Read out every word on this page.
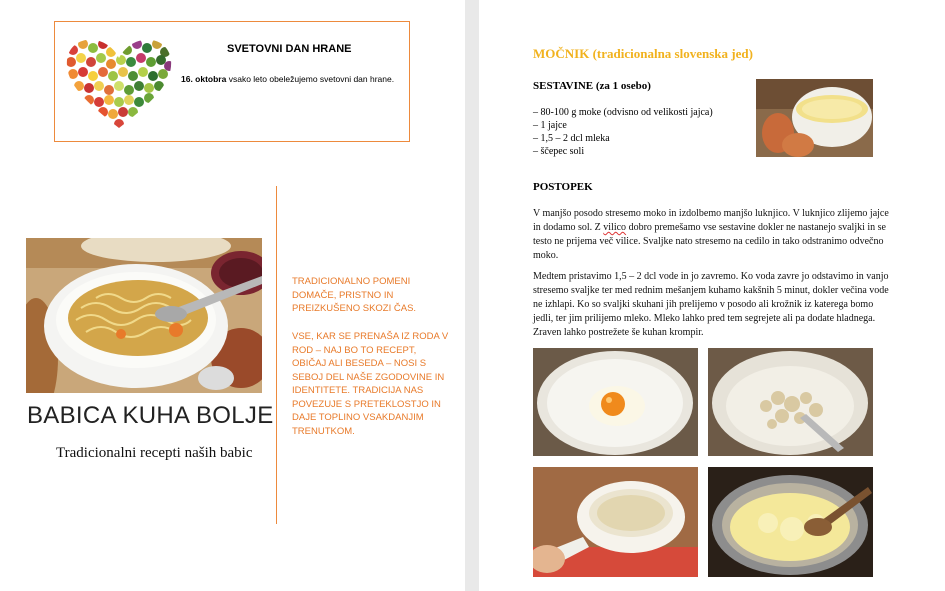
SVETOVNI DAN HRANE
16. oktobra vsako leto obeležujemo svetovni dan hrane.
BABICA KUHA BOLJE
Tradicionalni recepti naših babic
TRADICIONALNO POMENI DOMAČE, PRISTNO IN PREIZKUŠENO SKOZI ČAS.
VSE, KAR SE PRENAŠA IZ RODA V ROD – NAJ BO TO RECEPT, OBIČAJ ALI BESEDA – NOSI S SEBOJ DEL NAŠE ZGODOVINE IN IDENTITETE. TRADICIJA NAS POVEZUJE S PRETEKLOSTJO IN DAJE TOPLINO VSAKDANJIM TRENUTKOM.
MOČNIK (tradicionalna slovenska jed)
SESTAVINE (za 1 osebo)
– 80-100 g moke (odvisno od velikosti jajca)
– 1 jajce
– 1,5 – 2 dcl mleka
– ščepec soli
POSTOPEK

V manjšo posodo stresemo moko in izdolbemo manjšo luknjico. V luknjico zlijemo jajce in dodamo sol. Z vilico dobro premešamo vse sestavine dokler ne nastanejo svaljki in se testo ne prijema več vilice. Svaljke nato stresemo na cedilo in tako odstranimo odvečno moko.

Medtem pristavimo 1,5 – 2 dcl vode in jo zavremo. Ko voda zavre jo odstavimo in vanjo stresemo svaljke ter med rednim mešanjem kuhamo kakšnih 5 minut, dokler večina vode ne izhlapi. Ko so svaljki skuhani jih prelijemo v posodo ali krožnik iz katerega bomo jedli, ter jim prilijemo mleko. Mleko lahko pred tem segrejete ali pa dodate hladnega. Zraven lahko postrežete še kuhan krompir.
